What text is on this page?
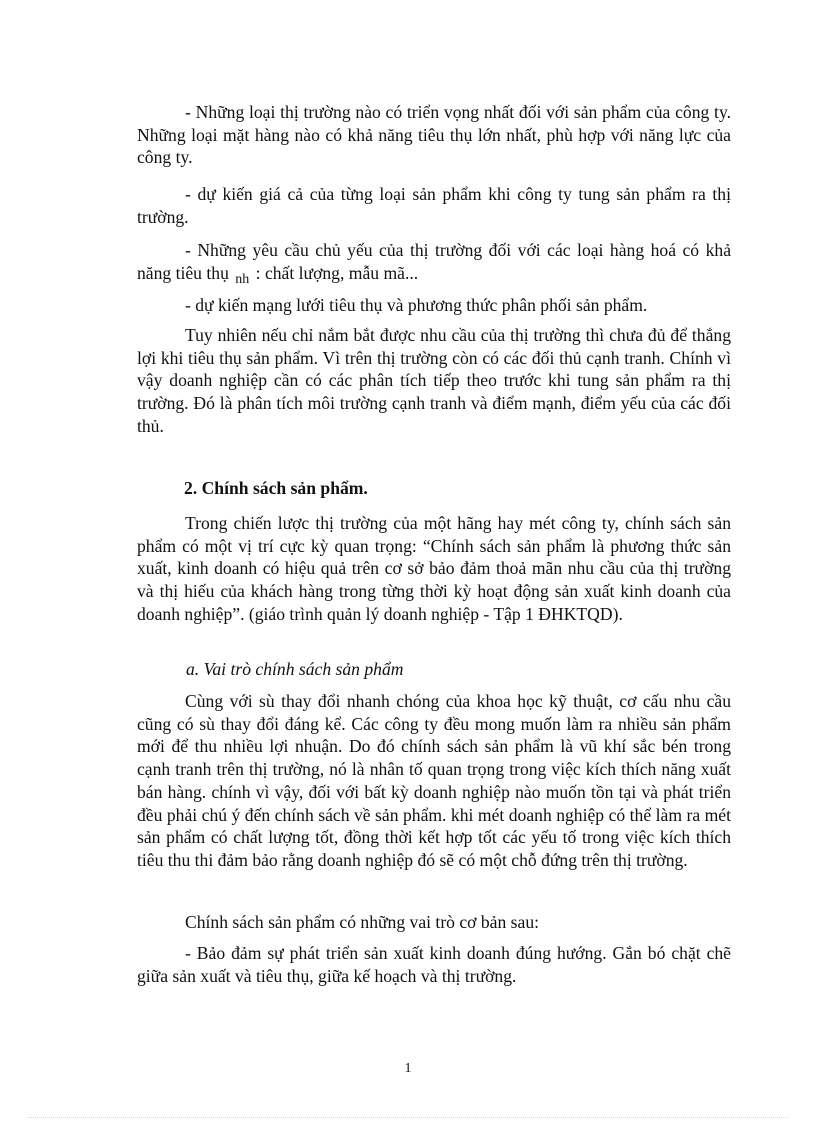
- Những loại thị trường nào có triển vọng nhất đối với sản phẩm của công ty. Những loại mặt hàng nào có khả năng tiêu thụ lớn nhất, phù hợp với năng lực của công ty.

- dự kiến giá cả của từng loại sản phẩm khi công ty tung sản phẩm ra thị trường.

- Những yêu cầu chủ yếu của thị trường đối với các loại hàng hoá có khả năng tiêu thụ $_{nh}$ : chất lượng, mẫu mã...

- dự kiến mạng lưới tiêu thụ và phương thức phân phối sản phẩm.

Tuy nhiên nếu chỉ nắm bắt được nhu cầu của thị trường thì chưa đủ để thắng lợi khi tiêu thụ sản phẩm. Vì trên thị trường còn có các đối thủ cạnh tranh. Chính vì vậy doanh nghiệp cần có các phân tích tiếp theo trước khi tung sản phẩm ra thị trường. Đó là phân tích môi trường cạnh tranh và điểm mạnh, điểm yếu của các đối thủ.

2. Chính sách sản phẩm.

Trong chiến lược thị trường của một hãng hay mét công ty, chính sách sản phẩm có một vị trí cực kỳ quan trọng: “Chính sách sản phẩm là phương thức sản xuất, kinh doanh có hiệu quả trên cơ sở bảo đảm thoả mãn nhu cầu của thị trường và thị hiếu của khách hàng trong từng thời kỳ hoạt động sản xuất kinh doanh của doanh nghiệp”. (giáo trình quản lý doanh nghiệp - Tập 1 ĐHKTQD).

a. Vai trò chính sách sản phẩm

Cùng với sù thay đổi nhanh chóng của khoa học kỹ thuật, cơ cấu nhu cầu cũng có sù thay đổi đáng kể. Các công ty đều mong muốn làm ra nhiều sản phẩm mới để thu nhiều lợi nhuận. Do đó chính sách sản phẩm là vũ khí sắc bén trong cạnh tranh trên thị trường, nó là nhân tố quan trọng trong việc kích thích năng xuất bán hàng. chính vì vậy, đối với bất kỳ doanh nghiệp nào muốn tồn tại và phát triển đều phải chú ý đến chính sách về sản phẩm. khi mét doanh nghiệp có thể làm ra mét sản phẩm có chất lượng tốt, đồng thời kết hợp tốt các yếu tố trong việc kích thích tiêu thu thi đảm bảo rằng doanh nghiệp đó sẽ có một chỗ đứng trên thị trường.

Chính sách sản phẩm có những vai trò cơ bản sau:

- Bảo đảm sự phát triển sản xuất kinh doanh đúng hướng. Gắn bó chặt chẽ giữa sản xuất và tiêu thụ, giữa kế hoạch và thị trường.

1
